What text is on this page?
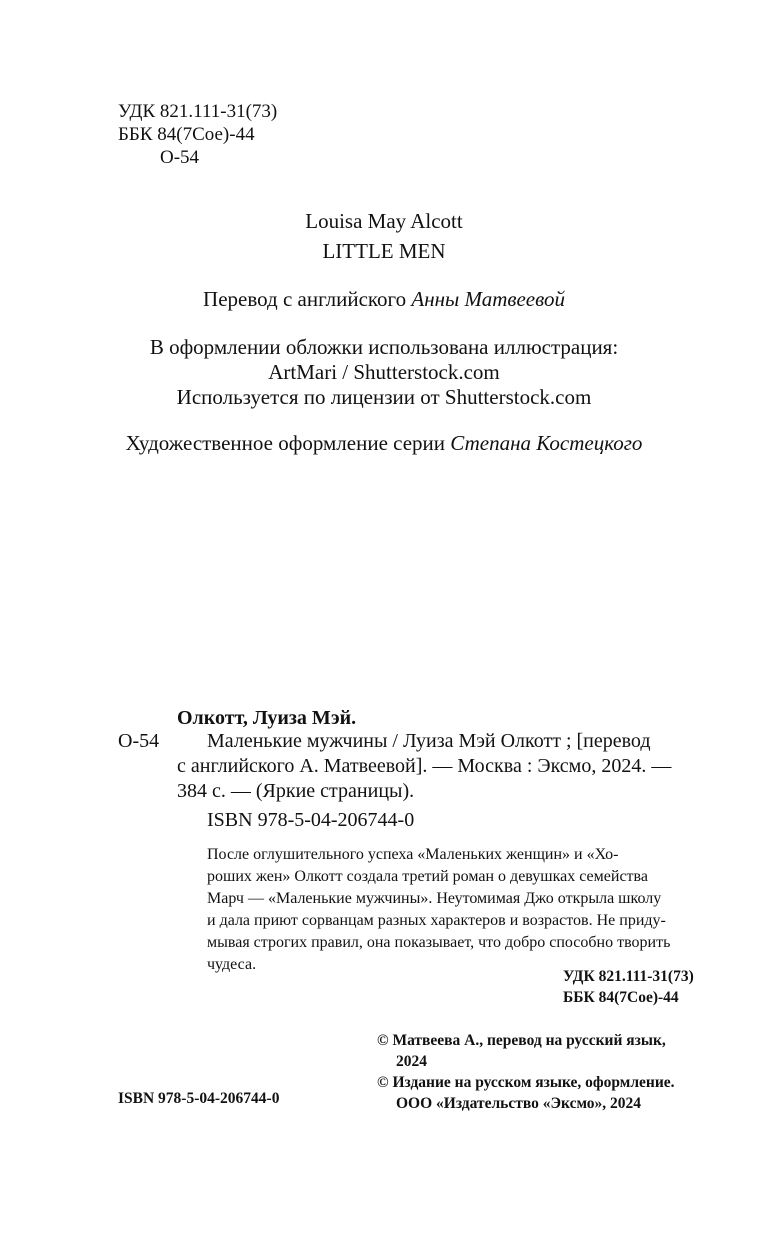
УДК 821.111-31(73)
ББК 84(7Сое)-44
О-54
Louisa May Alcott
LITTLE MEN
Перевод с английского Анны Матвеевой
В оформлении обложки использована иллюстрация:
ArtMari / Shutterstock.com
Используется по лицензии от Shutterstock.com
Художественное оформление серии Степана Костецкого
Олкотт, Луиза Мэй.
О-54	Маленькие мужчины / Луиза Мэй Олкотт ; [перевод
с английского А. Матвеевой]. — Москва : Эксмо, 2024. —
384 с. — (Яркие страницы).
ISBN 978-5-04-206744-0
После оглушительного успеха «Маленьких женщин» и «Хо-
роших жен» Олкотт создала третий роман о девушках семейства
Марч — «Маленькие мужчины». Неутомимая Джо открыла школу
и дала приют сорванцам разных характеров и возрастов. Не приду-
мывая строгих правил, она показывает, что добро способно творить
чудеса.
УДК 821.111-31(73)
ББК 84(7Сое)-44
© Матвеева А., перевод на русский язык,
2024
© Издание на русском языке, оформление.
ООО «Издательство «Эксмо», 2024
ISBN 978-5-04-206744-0
